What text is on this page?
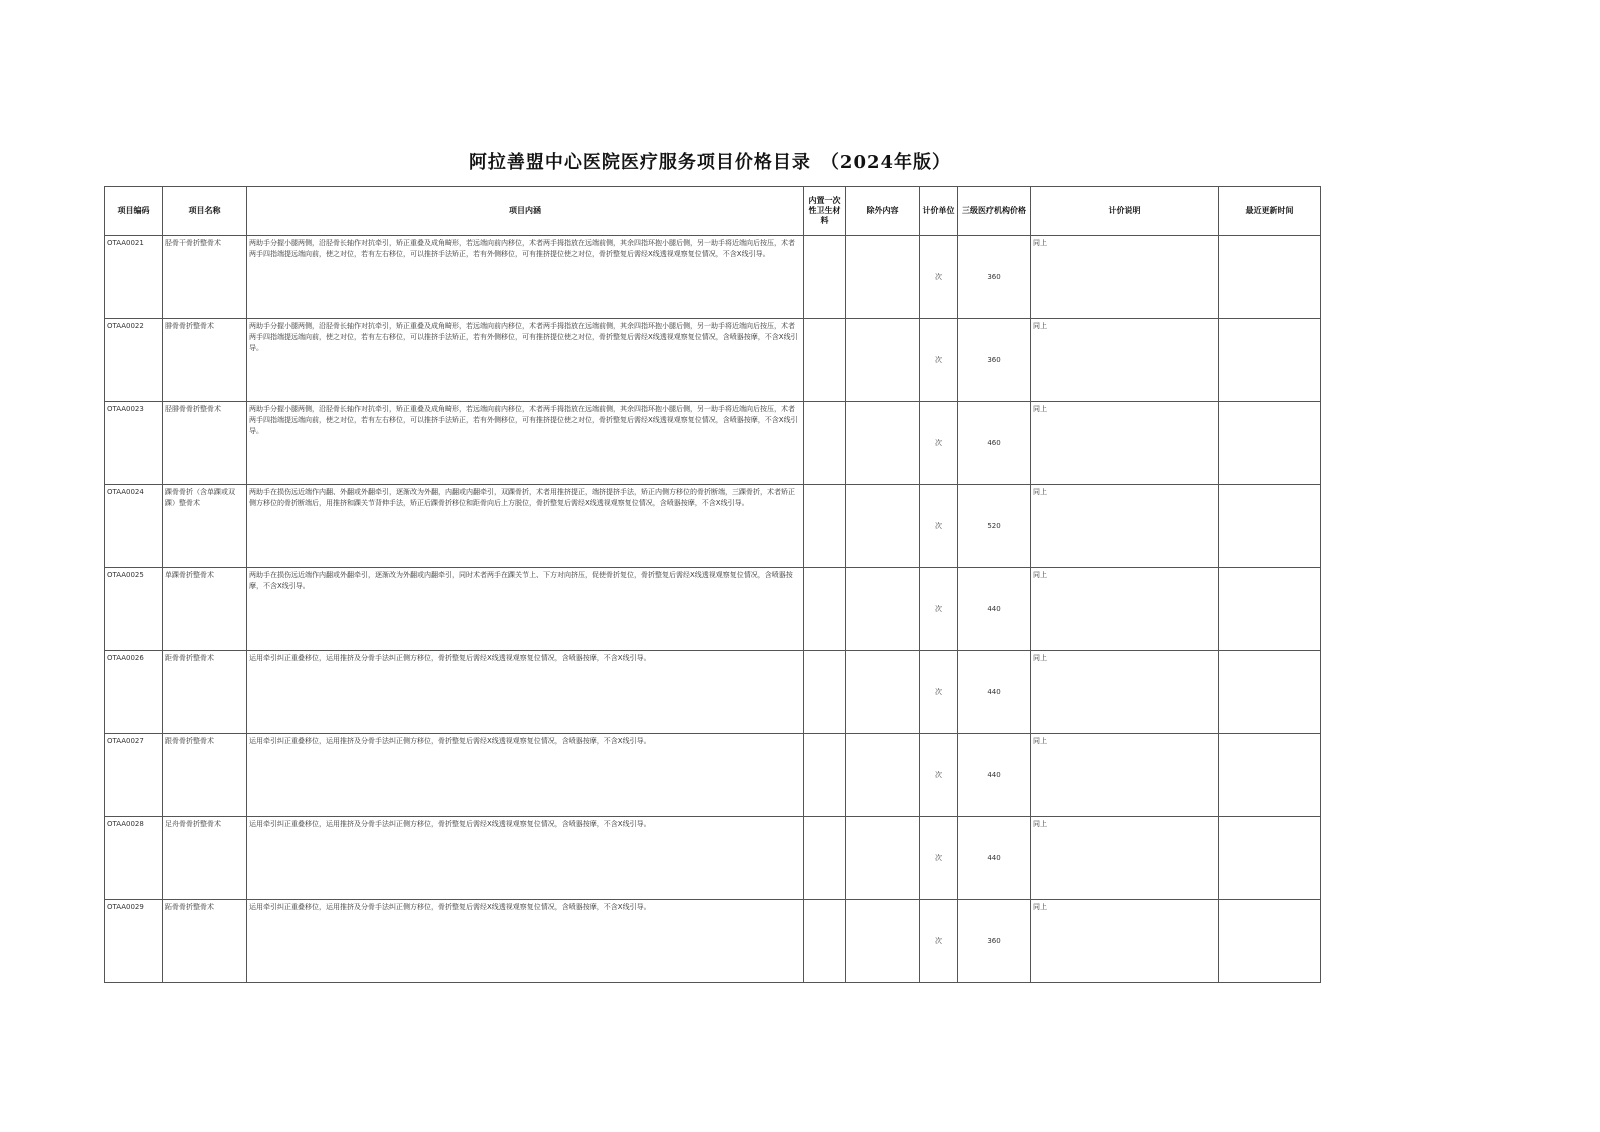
阿拉善盟中心医院医疗服务项目价格目录　（2024年版）
项目编码	项目名称	项目内涵	内置一次性卫生材料	除外内容	计价单位	三级医疗机构价格	计价说明	最近更新时间
OTAA0021	胫骨干骨折整骨术	两助手分握小腿两侧，沿胫骨长轴作对抗牵引，矫正重叠及成角畸形，若远端向前内移位，术者两手拇指放在远端前侧，其余四指环抱小腿后侧，另一助手将近端向后按压，术者两手四指端提远端向前，使之对位，若有左右移位，可以推挤手法矫正，若有外侧移位，可有推挤提位使之对位，骨折整复后需经X线透视观察复位情况，不含X线引导。			次	360	同上	
OTAA0022	腓骨骨折整骨术	两助手分握小腿两侧，沿胫骨长轴作对抗牵引，矫正重叠及成角畸形，若远端向前内移位，术者两手拇指放在远端前侧，其余四指环抱小腿后侧，另一助手将近端向后按压，术者两手四指端提远端向前，使之对位，若有左右移位，可以推挤手法矫正，若有外侧移位，可有推挤提位使之对位，骨折整复后需经X线透视观察复位情况，含喷器按摩，不含X线引导。			次	360	同上	
OTAA0023	胫腓骨骨折整骨术	两助手分握小腿两侧，沿胫骨长轴作对抗牵引，矫正重叠及成角畸形，若远端向前内移位，术者两手拇指放在远端前侧，其余四指环抱小腿后侧，另一助手将近端向后按压，术者两手四指端提远端向前，使之对位，若有左右移位，可以推挤手法矫正，若有外侧移位，可有推挤提位使之对位，骨折整复后需经X线透视观察复位情况，含喷器按摩，不含X线引导。			次	460	同上	
OTAA0024	踝骨骨折（含单踝或双踝）整骨术	两助手在损伤远近端作内翻、外翻或外翻牵引，逐渐改为外翻，内翻或内翻牵引，双踝骨折，术者用推挤提正，端挤提挤手法，矫正内侧方移位的骨折断端，三踝骨折，术者矫正侧方移位的骨折断端后，用推挤和踝关节背伸手法，矫正后踝骨折移位和距骨向后上方脱位，骨折整复后需经X线透视观察复位情况，含喷器按摩，不含X线引导。			次	520	同上	
OTAA0025	单踝骨折整骨术	两助手在损伤远近端作内翻或外翻牵引，逐渐改为外翻或内翻牵引，同时术者两手在踝关节上、下方对向挤压，促使骨折复位，骨折整复后需经X线透视观察复位情况，含喷器按摩，不含X线引导。			次	440	同上	
OTAA0026	距骨骨折整骨术	运用牵引纠正重叠移位，运用推挤及分骨手法纠正侧方移位，骨折整复后需经X线透视观察复位情况，含喷器按摩，不含X线引导。			次	440	同上	
OTAA0027	跟骨骨折整骨术	运用牵引纠正重叠移位，运用推挤及分骨手法纠正侧方移位，骨折整复后需经X线透视观察复位情况，含喷器按摩，不含X线引导。			次	440	同上	
OTAA0028	足舟骨骨折整骨术	运用牵引纠正重叠移位，运用推挤及分骨手法纠正侧方移位，骨折整复后需经X线透视观察复位情况，含喷器按摩，不含X线引导。			次	440	同上	
OTAA0029	跖骨骨折整骨术	运用牵引纠正重叠移位，运用推挤及分骨手法纠正侧方移位，骨折整复后需经X线透视观察复位情况，含喷器按摩，不含X线引导。			次	360	同上	
